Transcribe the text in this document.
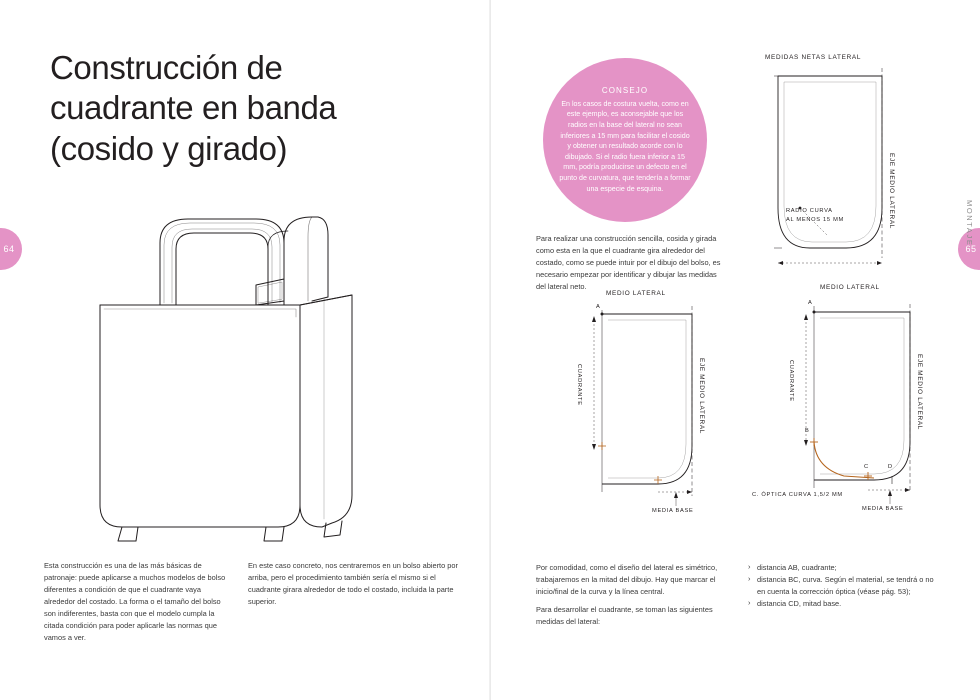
64	65
MONTAJE
Construcción de
cuadrante en banda
(cosido y girado)
Esta construcción es una de las más básicas de patronaje: puede aplicarse a muchos modelos de bolso diferentes a condición de que el cuadrante vaya alrededor del costado. La forma o el tamaño del bolso son indiferentes, basta con que el modelo cumpla la citada condición para poder aplicarle las normas que vamos a ver.
En este caso concreto, nos centraremos en un bolso abierto por arriba, pero el procedimiento también sería el mismo si el cuadrante girara alrededor de todo el costado, incluida la parte superior.
CONSEJO

En los casos de costura vuelta, como en este ejemplo, es aconsejable que los radios en la base del lateral no sean inferiores a 15 mm para facilitar el cosido y obtener un resultado acorde con lo dibujado. Si el radio fuera inferior a 15 mm, podría producirse un defecto en el punto de curvatura, que tendería a formar una especie de esquina.

Para realizar una construcción sencilla, cosida y girada como esta en la que el cuadrante gira alrededor del costado, como se puede intuir por el dibujo del bolso, es necesario empezar por identificar y dibujar las medidas del lateral neto.
MEDIDAS NETAS LATERAL
EJE MEDIO LATERAL
RADIO CURVA
AL MENOS 15 MM
MEDIO LATERAL
A
CUADRANTE	EJE MEDIO LATERAL
MEDIA BASE
MEDIO LATERAL
A
B
C	D
CUADRANTE	EJE MEDIO LATERAL
C. ÓPTICA CURVA 1,5/2 MM
MEDIA BASE
Por comodidad, como el diseño del lateral es simétrico, trabajaremos en la mitad del dibujo. Hay que marcar el inicio/final de la curva y la línea central.
Para desarrollar el cuadrante, se toman las siguientes medidas del lateral:
› distancia AB, cuadrante;
› distancia BC, curva. Según el material, se tendrá o no en cuenta la corrección óptica (véase pág. 53);
› distancia CD, mitad base.
